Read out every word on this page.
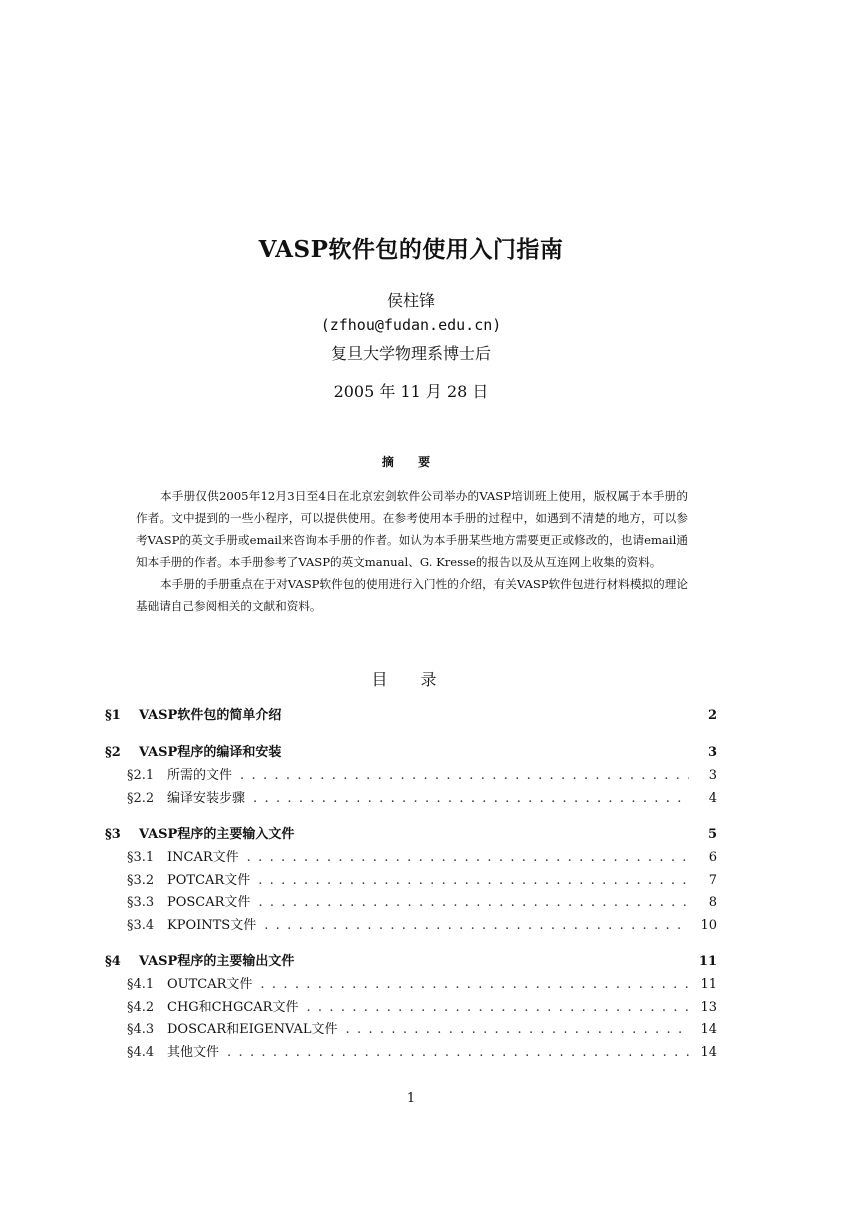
VASP软件包的使用入门指南
侯柱锋
(zfhou@fudan.edu.cn)
复旦大学物理系博士后
2005 年 11 月 28 日
摘 要

本手册仅供2005年12月3日至4日在北京宏剑软件公司举办的VASP培训班上使用，版权属于本手册的作者。文中提到的一些小程序，可以提供使用。在参考使用本手册的过程中，如遇到不清楚的地方，可以参考VASP的英文手册或email来咨询本手册的作者。如认为本手册某些地方需要更正或修改的，也请email通知本手册的作者。本手册参考了VASP的英文manual、G. Kresse的报告以及从互连网上收集的资料。

本手册的手册重点在于对VASP软件包的使用进行入门性的介绍，有关VASP软件包进行材料模拟的理论基础请自己参阅相关的文献和资料。

目 录
§1	VASP软件包的简单介绍	2
§2	VASP程序的编译和安装	3
§2.1 所需的文件 . . .	3
§2.2 编译安装步骤 . . .	4
§3	VASP程序的主要输入文件	5
§3.1 INCAR文件 . . .	6
§3.2 POTCAR文件 . . .	7
§3.3 POSCAR文件 . . .	8
§3.4 KPOINTS文件 . . .	10
§4	VASP程序的主要输出文件	11
§4.1 OUTCAR文件 . . .	11
§4.2 CHG和CHGCAR文件 . . .	13
§4.3 DOSCAR和EIGENVAL文件 . . .	14
§4.4 其他文件 . . .	14
1
